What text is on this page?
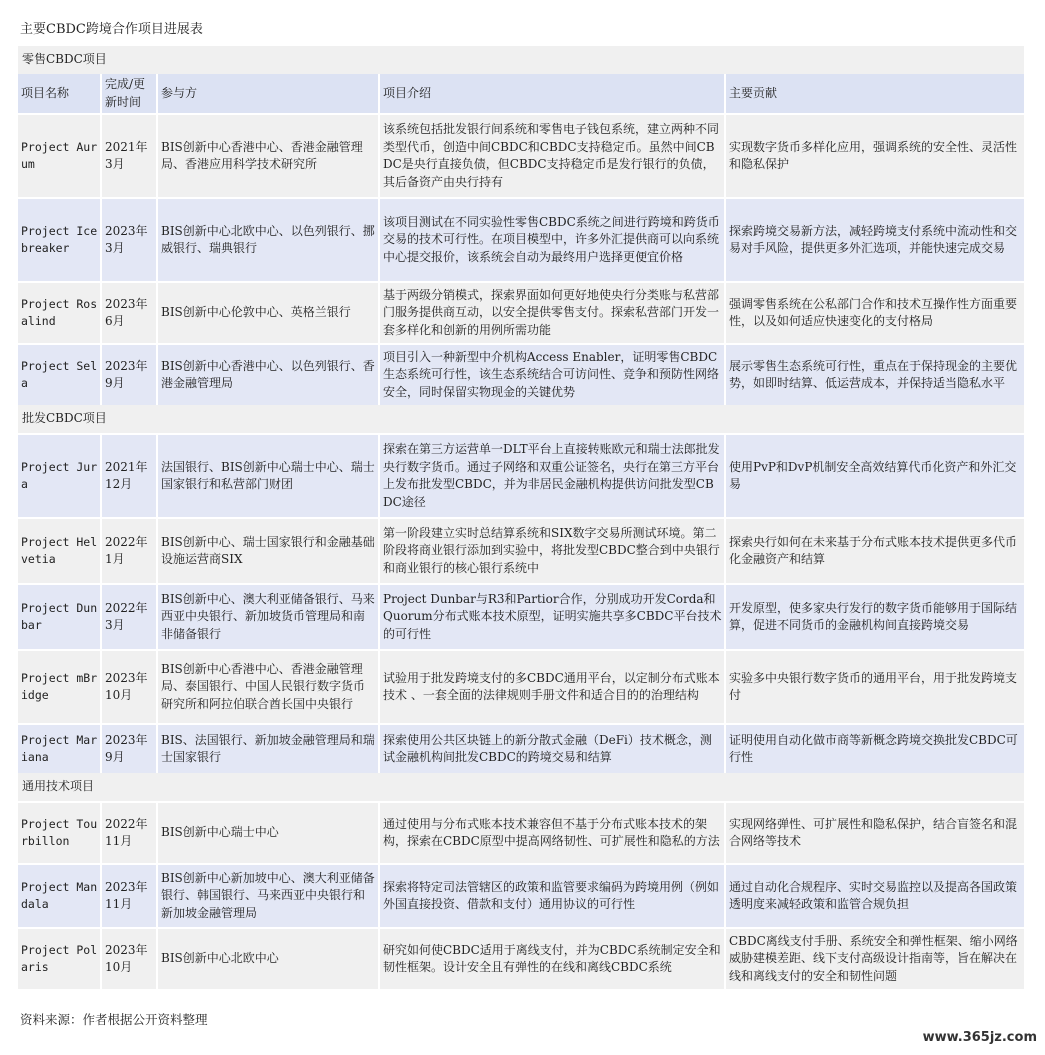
主要CBDC跨境合作项目进展表
零售CBDC项目				
项目名称	完成/更新时间	参与方	项目介绍	主要贡献
Project Aurum	2021年3月	BIS创新中心香港中心、香港金融管理局、香港应用科学技术研究所	该系统包括批发银行间系统和零售电子钱包系统，建立两种不同类型代币，创造中间CBDC和CBDC支持稳定币。虽然中间CBDC是央行直接负债，但CBDC支持稳定币是发行银行的负债，其后备资产由央行持有	实现数字货币多样化应用，强调系统的安全性、灵活性和隐私保护
Project Icebreaker	2023年3月	BIS创新中心北欧中心、以色列银行、挪威银行、瑞典银行	该项目测试在不同实验性零售CBDC系统之间进行跨境和跨货币交易的技术可行性。在项目模型中，许多外汇提供商可以向系统中心提交报价，该系统会自动为最终用户选择更便宜价格	探索跨境交易新方法，减轻跨境支付系统中流动性和交易对手风险，提供更多外汇选项，并能快速完成交易
Project Rosalind	2023年6月	BIS创新中心伦敦中心、英格兰银行	基于两级分销模式，探索界面如何更好地使央行分类账与私营部门服务提供商互动，以安全提供零售支付。探索私营部门开发一套多样化和创新的用例所需功能	强调零售系统在公私部门合作和技术互操作性方面重要性，以及如何适应快速变化的支付格局
Project Sela	2023年9月	BIS创新中心香港中心、以色列银行、香港金融管理局	项目引入一种新型中介机构Access Enabler，证明零售CBDC生态系统可行性，该生态系统结合可访问性、竞争和预防性网络安全，同时保留实物现金的关键优势	展示零售生态系统可行性，重点在于保持现金的主要优势，如即时结算、低运营成本，并保持适当隐私水平
批发CBDC项目				
Project Jura	2021年12月	法国银行、BIS创新中心瑞士中心、瑞士国家银行和私营部门财团	探索在第三方运营单一DLT平台上直接转账欧元和瑞士法郎批发央行数字货币。通过子网络和双重公证签名，央行在第三方平台上发布批发型CBDC，并为非居民金融机构提供访问批发型CBDC途径	使用PvP和DvP机制安全高效结算代币化资产和外汇交易
Project Helvetia	2022年1月	BIS创新中心、瑞士国家银行和金融基础设施运营商SIX	第一阶段建立实时总结算系统和SIX数字交易所测试环境。第二阶段将商业银行添加到实验中，将批发型CBDC整合到中央银行和商业银行的核心银行系统中	探索央行如何在未来基于分布式账本技术提供更多代币化金融资产和结算
Project Dunbar	2022年3月	BIS创新中心、澳大利亚储备银行、马来西亚中央银行、新加坡货币管理局和南非储备银行	Project Dunbar与R3和Partior合作，分别成功开发Corda和Quorum分布式账本技术原型，证明实施共享多CBDC平台技术的可行性	开发原型，使多家央行发行的数字货币能够用于国际结算，促进不同货币的金融机构间直接跨境交易
Project mBridge	2023年10月	BIS创新中心香港中心、香港金融管理局、泰国银行、中国人民银行数字货币研究所和阿拉伯联合酋长国中央银行	试验用于批发跨境支付的多CBDC通用平台，以定制分布式账本技术 、一套全面的法律规则手册文件和适合目的的治理结构	实验多中央银行数字货币的通用平台，用于批发跨境支付
Project Mariana	2023年9月	BIS、法国银行、新加坡金融管理局和瑞士国家银行	探索使用公共区块链上的新分散式金融（DeFi）技术概念，测试金融机构间批发CBDC的跨境交易和结算	证明使用自动化做市商等新概念跨境交换批发CBDC可行性
通用技术项目				
Project Tourbillon	2022年11月	BIS创新中心瑞士中心	通过使用与分布式账本技术兼容但不基于分布式账本技术的架构，探索在CBDC原型中提高网络韧性、可扩展性和隐私的方法	实现网络弹性、可扩展性和隐私保护，结合盲签名和混合网络等技术
Project Mandala	2023年11月	BIS创新中心新加坡中心、澳大利亚储备银行、韩国银行、马来西亚中央银行和新加坡金融管理局	探索将特定司法管辖区的政策和监管要求编码为跨境用例（例如外国直接投资、借款和支付）通用协议的可行性	通过自动化合规程序、实时交易监控以及提高各国政策透明度来减轻政策和监管合规负担
Project Polaris	2023年10月	BIS创新中心北欧中心	研究如何使CBDC适用于离线支付，并为CBDC系统制定安全和韧性框架。设计安全且有弹性的在线和离线CBDC系统	CBDC离线支付手册、系统安全和弹性框架、缩小网络威胁建模差距、线下支付高级设计指南等，旨在解决在线和离线支付的安全和韧性问题
资料来源：作者根据公开资料整理
www.365jz.com
